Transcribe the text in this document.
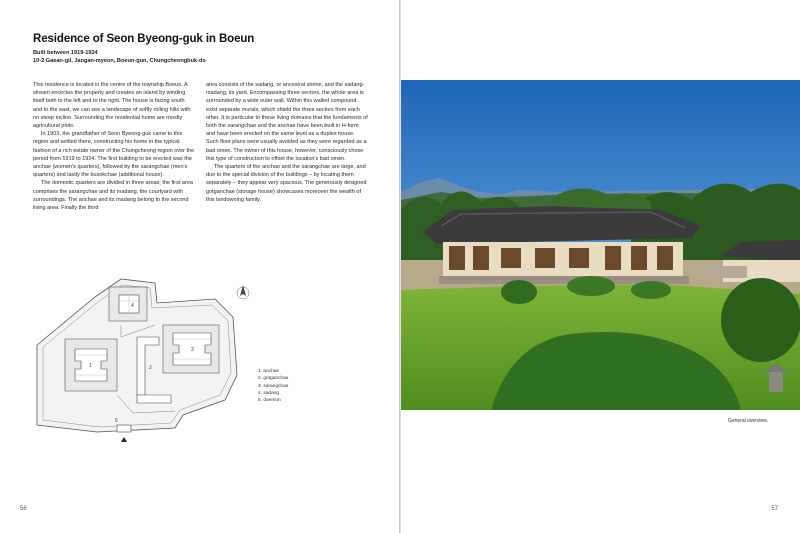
Residence of Seon Byeong-guk in Boeun
Built between 1919-1924
10-2 Gaean-gil, Jangan-myeon, Boeun-gun, Chungcheongbuk-do

This residence is located in the centre of the township Boeun. A stream encircles the property and creates an island by winding itself both to the left and to the right. The house is facing south and to the east, we can see a landscape of softly rolling hills with no steep incline. Surrounding the residential home are mostly agricultural plots.

In 1903, the grandfather of Seon Byeong-guk came to this region and settled there, constructing his home in the typical fashion of a rich estate owner of the Chungcheong region over the period from 1919 to 1924. The first building to be erected was the anchae (women's quarters), followed by the sarangchae (men's quarters) and lastly the busokchae (additional house).

The domestic quarters are divided in three areas; the first area comprises the sarangchae and its madang, the courtyard with surroundings. The anchae and its madang belong to the second living area. Finally the third

area consists of the sadang, or ancestral shrine, and the sadang-madang, its yard. Encompassing three sectors, the whole area is surrounded by a wide outer wall. Within this walled compound exist separate murals, which shield the three sectors from each other. It is particular to these living domains that the fundaments of both the sarangchae and the anchae have been built in H-form and have been erected on the same level as a duplex house. Such floor plans were usually avoided as they were regarded as a bad omen. The owner of this house, however, consciously chose this type of construction to offset the location's bad omen.

The quarters of the anchae and the sarangchae are large, and due to the special division of the buildings – by locating them separately – they appear very spacious. The generously designed gotganchae (storage house) showcases moreover the wealth of this landowning family.

1	2
3
4
5
1. anchae
2. gotganchae
3. sarangchae
4. sadang
5. daemun
56
General overview.
57
